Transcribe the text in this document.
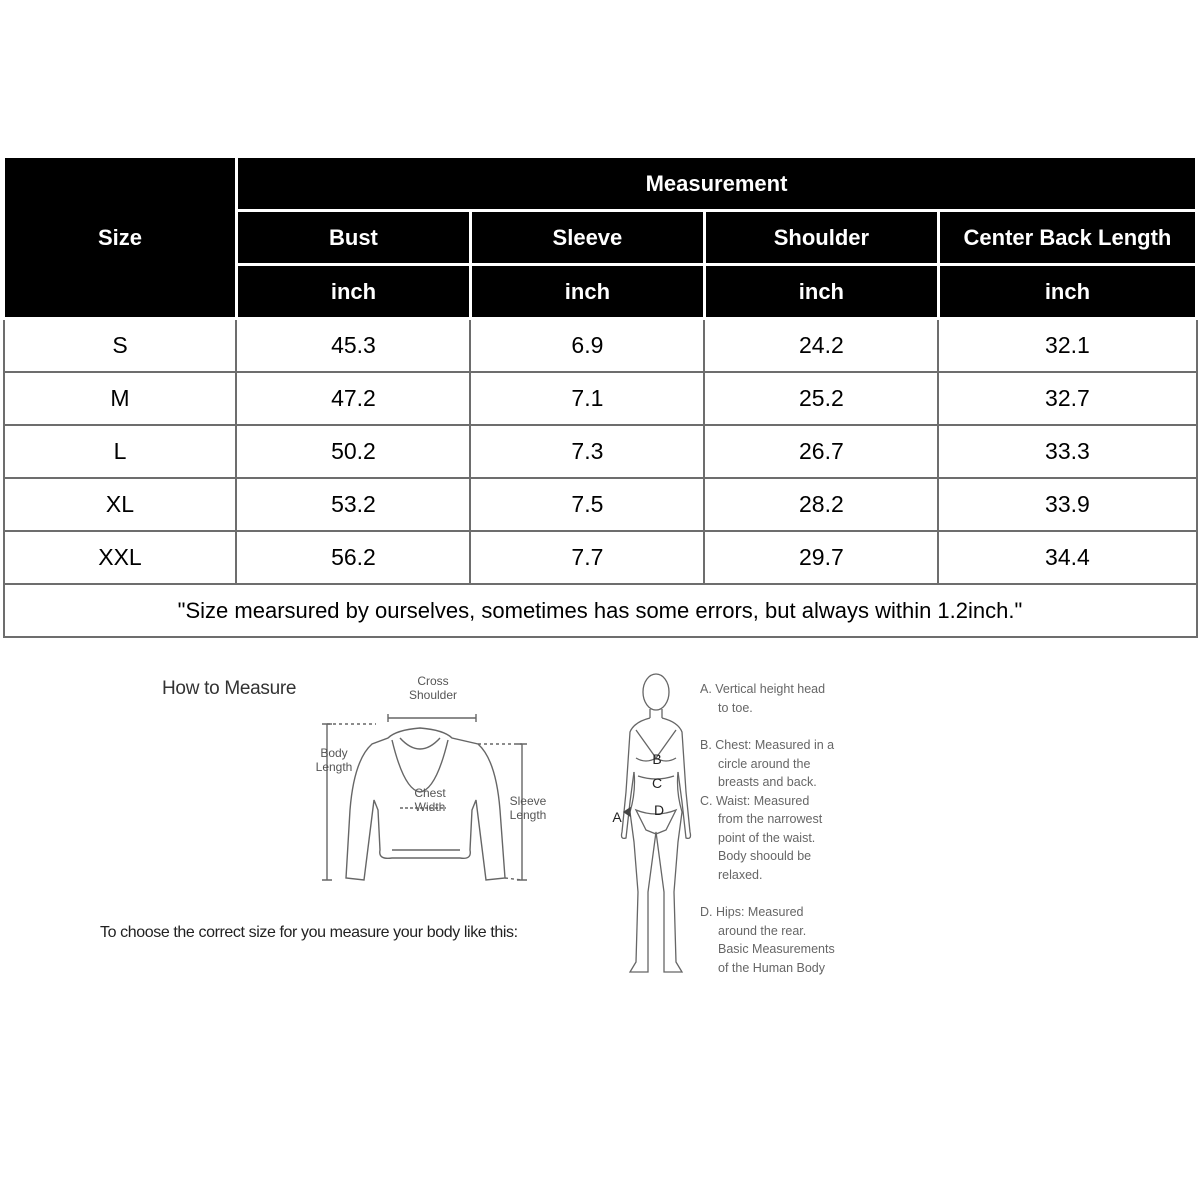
Size	Measurement			
	Bust	Sleeve	Shoulder	Center Back Length
	inch	inch	inch	inch
S	45.3	6.9	24.2	32.1
M	47.2	7.1	25.2	32.7
L	50.2	7.3	26.7	33.3
XL	53.2	7.5	28.2	33.9
XXL	56.2	7.7	29.7	34.4
"Size mearsured by ourselves, sometimes has some errors, but always within 1.2inch."				
How to Measure	Cross
Shoulder
Body
Length
Chest
Width	Sleeve
Length
To choose the correct size for you measure your body like this:
A
B
C
D

A. Vertical height head

to toe.

B. Chest: Measured in a

circle around the

breasts and back.

C. Waist: Measured

from the narrowest

point of the waist.

Body shoould be

relaxed.

D. Hips: Measured

around the rear.

Basic Measurements

of the Human Body
